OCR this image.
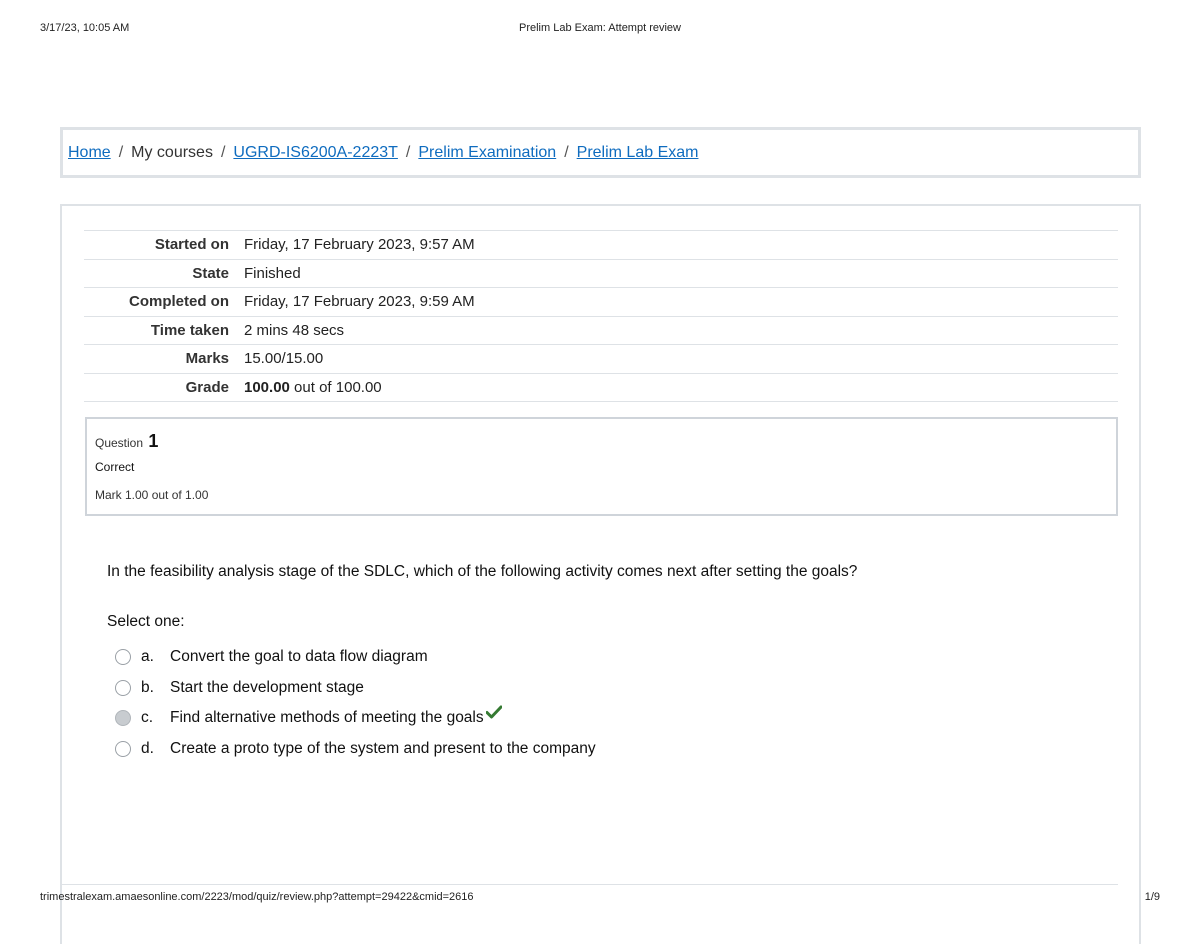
3/17/23, 10:05 AM	Prelim Lab Exam: Attempt review
Home / My courses / UGRD-IS6200A-2223T / Prelim Examination / Prelim Lab Exam
Started on	Friday, 17 February 2023, 9:57 AM
State	Finished
Completed on	Friday, 17 February 2023, 9:59 AM
Time taken	2 mins 48 secs
Marks	15.00/15.00
Grade	100.00 out of 100.00
Question 1
Correct
Mark 1.00 out of 1.00
In the feasibility analysis stage of the SDLC, which of the following activity comes next after setting the goals?
Select one:
a.	Convert the goal to data flow diagram
b.	Start the development stage
c.	Find alternative methods of meeting the goals
d.	Create a proto type of the system and present to the company
trimestralexam.amaesonline.com/2223/mod/quiz/review.php?attempt=29422&cmid=2616	1/9
